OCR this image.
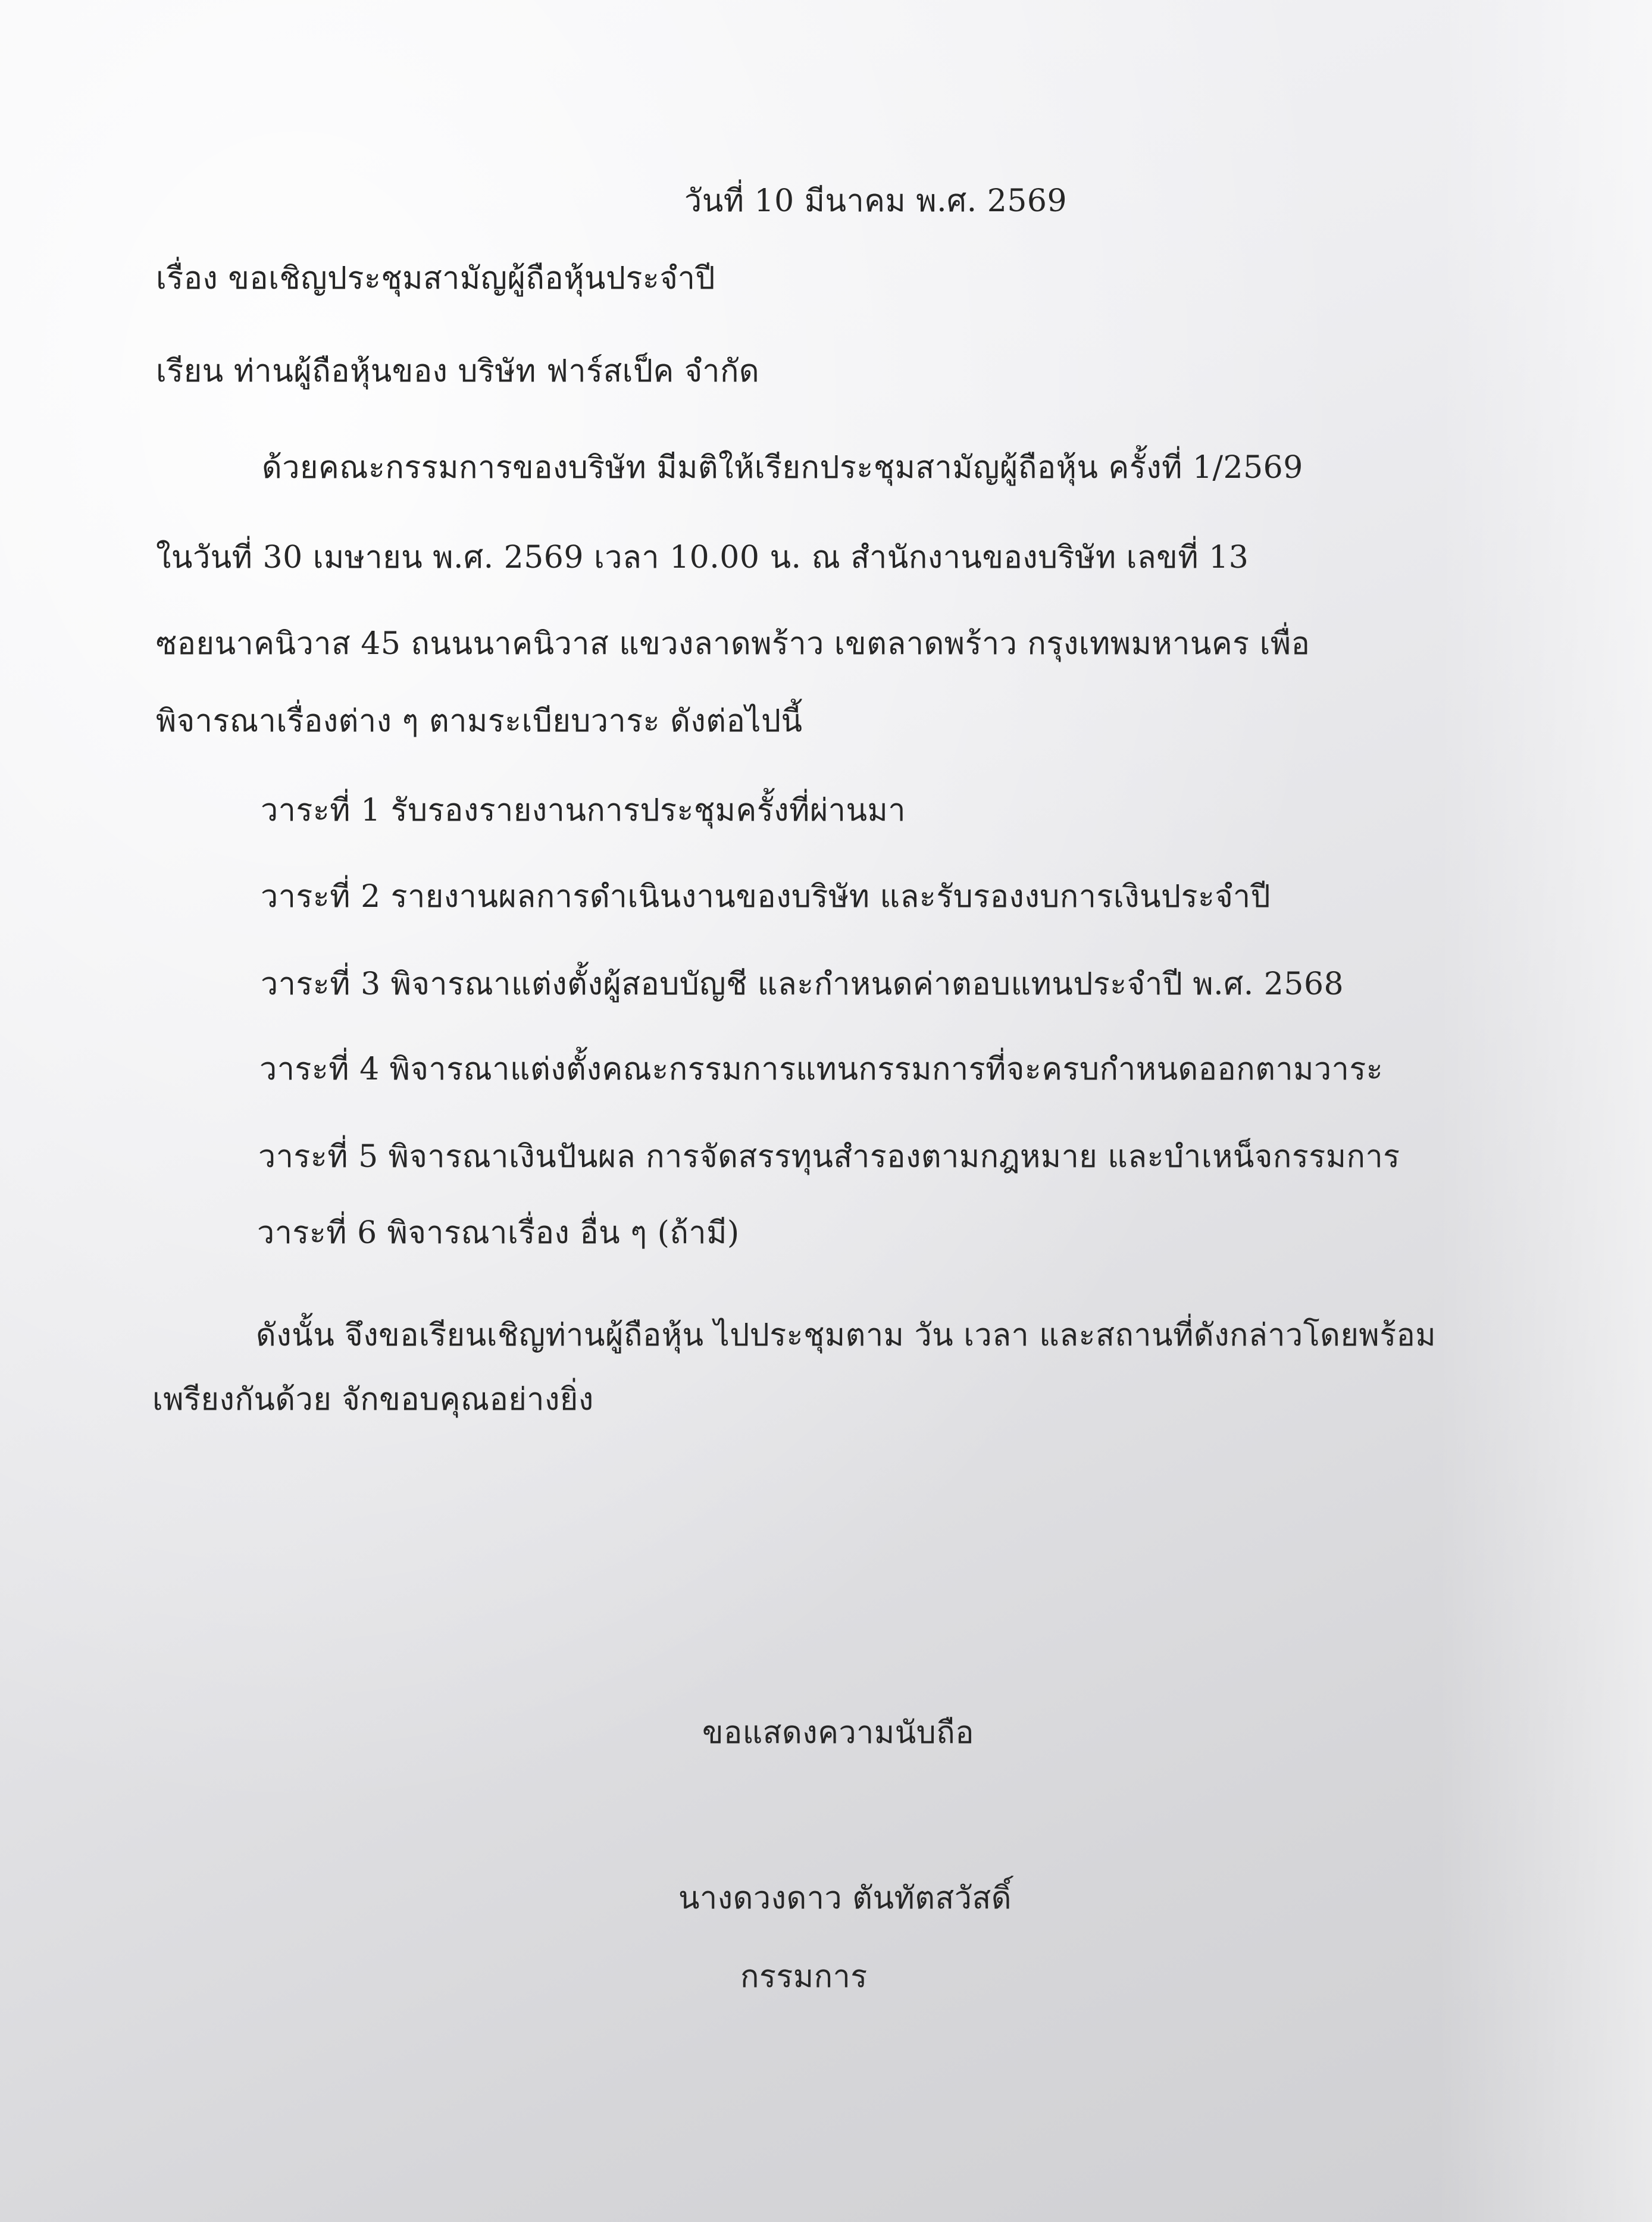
วันที่ 10 มีนาคม พ.ศ. 2569
เรื่อง ขอเชิญประชุมสามัญผู้ถือหุ้นประจำปี
เรียน ท่านผู้ถือหุ้นของ บริษัท ฟาร์สเป็ค จำกัด
ด้วยคณะกรรมการของบริษัท มีมติให้เรียกประชุมสามัญผู้ถือหุ้น ครั้งที่ 1/2569
ในวันที่ 30 เมษายน พ.ศ. 2569 เวลา 10.00 น. ณ สำนักงานของบริษัท เลขที่ 13
ซอยนาคนิวาส 45 ถนนนาคนิวาส แขวงลาดพร้าว เขตลาดพร้าว กรุงเทพมหานคร เพื่อ
พิจารณาเรื่องต่าง ๆ ตามระเบียบวาระ ดังต่อไปนี้
วาระที่ 1 รับรองรายงานการประชุมครั้งที่ผ่านมา
วาระที่ 2 รายงานผลการดำเนินงานของบริษัท และรับรองงบการเงินประจำปี
วาระที่ 3 พิจารณาแต่งตั้งผู้สอบบัญชี และกำหนดค่าตอบแทนประจำปี พ.ศ. 2568
วาระที่ 4 พิจารณาแต่งตั้งคณะกรรมการแทนกรรมการที่จะครบกำหนดออกตามวาระ
วาระที่ 5 พิจารณาเงินปันผล การจัดสรรทุนสำรองตามกฎหมาย และบำเหน็จกรรมการ
วาระที่ 6 พิจารณาเรื่อง อื่น ๆ (ถ้ามี)
ดังนั้น จึงขอเรียนเชิญท่านผู้ถือหุ้น ไปประชุมตาม วัน เวลา และสถานที่ดังกล่าวโดยพร้อม
เพรียงกันด้วย จักขอบคุณอย่างยิ่ง
ขอแสดงความนับถือ
นางดวงดาว ตันทัตสวัสดิ์
กรรมการ
